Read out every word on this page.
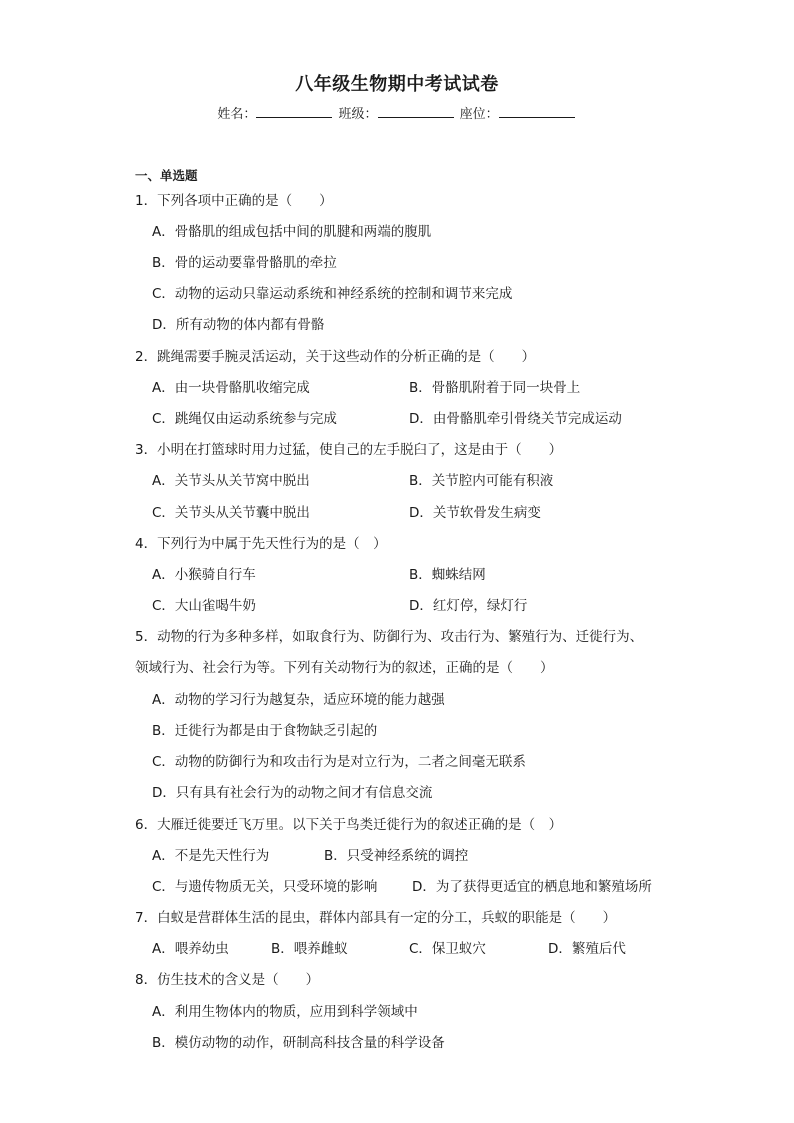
八年级生物期中考试试卷
姓名：	班级：	座位：
一、单选题
1．下列各项中正确的是（　　）
A．骨骼肌的组成包括中间的肌腱和两端的腹肌
B．骨的运动要靠骨骼肌的牵拉
C．动物的运动只靠运动系统和神经系统的控制和调节来完成
D．所有动物的体内都有骨骼
2．跳绳需要手腕灵活运动，关于这些动作的分析正确的是（　　）
A．由一块骨骼肌收缩完成	B．骨骼肌附着于同一块骨上
C．跳绳仅由运动系统参与完成	D．由骨骼肌牵引骨绕关节完成运动
3．小明在打篮球时用力过猛，使自己的左手脱臼了，这是由于（　　）
A．关节头从关节窝中脱出	B．关节腔内可能有积液
C．关节头从关节囊中脱出	D．关节软骨发生病变
4．下列行为中属于先天性行为的是（　）
A．小猴骑自行车	B．蜘蛛结网
C．大山雀喝牛奶	D．红灯停，绿灯行
5．动物的行为多种多样，如取食行为、防御行为、攻击行为、繁殖行为、迁徙行为、
领域行为、社会行为等。下列有关动物行为的叙述，正确的是（　　）
A．动物的学习行为越复杂，适应环境的能力越强
B．迁徙行为都是由于食物缺乏引起的
C．动物的防御行为和攻击行为是对立行为，二者之间毫无联系
D．只有具有社会行为的动物之间才有信息交流
6．大雁迁徙要迁飞万里。以下关于鸟类迁徙行为的叙述正确的是（　）
A．不是先天性行为	B．只受神经系统的调控
C．与遗传物质无关，只受环境的影响	D．为了获得更适宜的栖息地和繁殖场所
7．白蚁是营群体生活的昆虫，群体内部具有一定的分工，兵蚁的职能是（　　）
A．喂养幼虫	B．喂养雌蚁	C．保卫蚁穴	D．繁殖后代
8．仿生技术的含义是（　　）
A．利用生物体内的物质，应用到科学领域中
B．模仿动物的动作，研制高科技含量的科学设备
